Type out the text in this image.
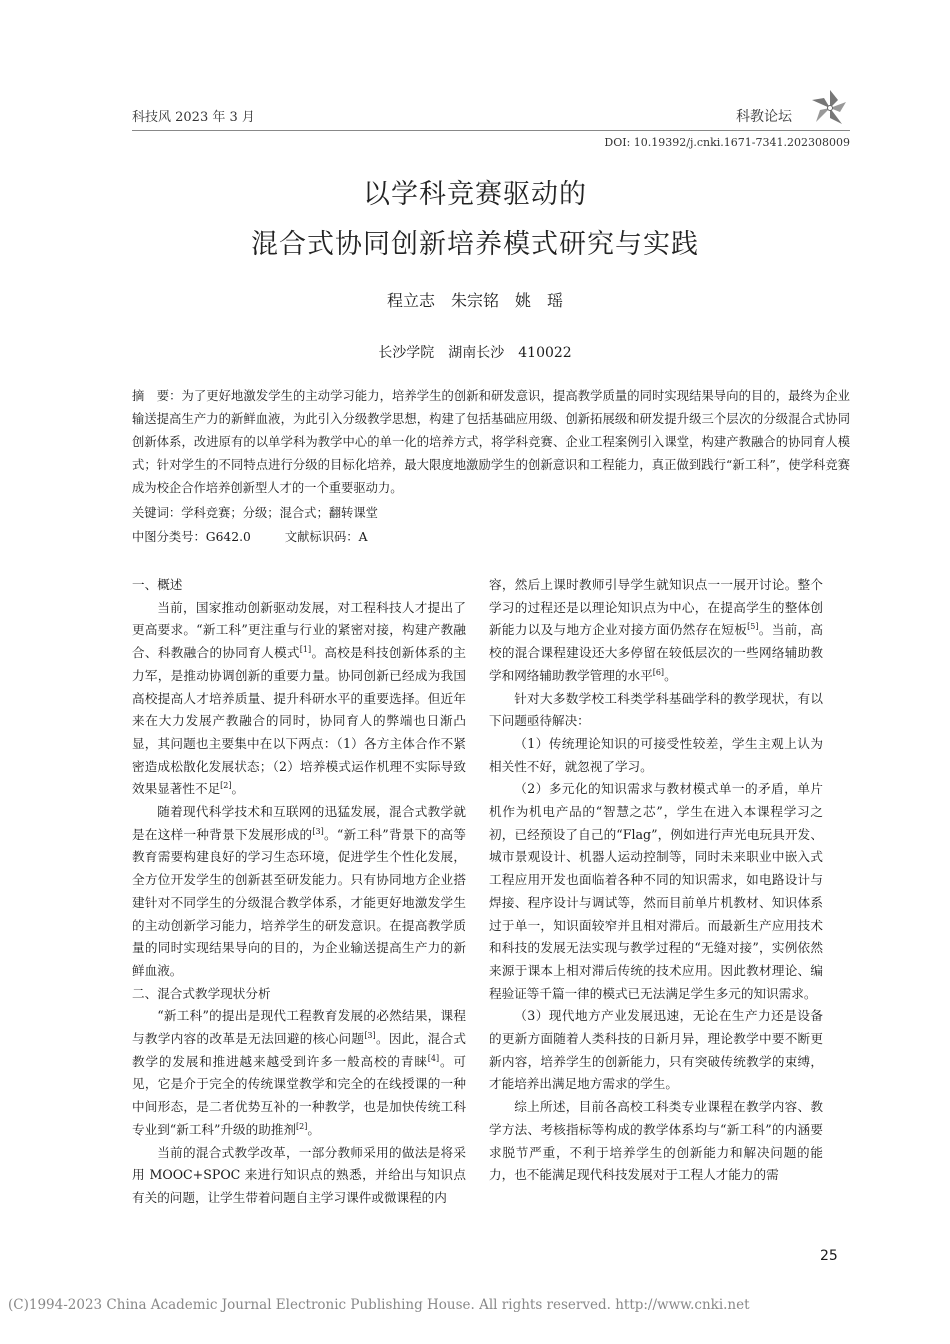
科技风 2023 年 3 月	科教论坛
DOI: 10.19392/j.cnki.1671-7341.202308009
以学科竞赛驱动的
混合式协同创新培养模式研究与实践
程立志　朱宗铭　姚　瑶
长沙学院　湖南长沙　410022
摘　要：为了更好地激发学生的主动学习能力，培养学生的创新和研发意识，提高教学质量的同时实现结果导向的目的，最终为企业输送提高生产力的新鲜血液，为此引入分级教学思想，构建了包括基础应用级、创新拓展级和研发提升级三个层次的分级混合式协同创新体系，改进原有的以单学科为教学中心的单一化的培养方式，将学科竞赛、企业工程案例引入课堂，构建产教融合的协同育人模式；针对学生的不同特点进行分级的目标化培养，最大限度地激励学生的创新意识和工程能力，真正做到践行“新工科”，使学科竞赛成为校企合作培养创新型人才的一个重要驱动力。
关键词：学科竞赛；分级；混合式；翻转课堂
中图分类号：G642.0	文献标识码：A
一、概述

当前，国家推动创新驱动发展，对工程科技人才提出了更高要求。“新工科”更注重与行业的紧密对接，构建产教融合、科教融合的协同育人模式[1]。高校是科技创新体系的主力军，是推动协调创新的重要力量。协同创新已经成为我国高校提高人才培养质量、提升科研水平的重要选择。但近年来在大力发展产教融合的同时，协同育人的弊端也日渐凸显，其问题也主要集中在以下两点：（1）各方主体合作不紧密造成松散化发展状态；（2）培养模式运作机理不实际导致效果显著性不足[2]。

随着现代科学技术和互联网的迅猛发展，混合式教学就是在这样一种背景下发展形成的[3]。“新工科”背景下的高等教育需要构建良好的学习生态环境，促进学生个性化发展，全方位开发学生的创新甚至研发能力。只有协同地方企业搭建针对不同学生的分级混合教学体系，才能更好地激发学生的主动创新学习能力，培养学生的研发意识。在提高教学质量的同时实现结果导向的目的，为企业输送提高生产力的新鲜血液。

二、混合式教学现状分析

“新工科”的提出是现代工程教育发展的必然结果，课程与教学内容的改革是无法回避的核心问题[3]。因此，混合式教学的发展和推进越来越受到许多一般高校的青睐[4]。可见，它是介于完全的传统课堂教学和完全的在线授课的一种中间形态，是二者优势互补的一种教学，也是加快传统工科专业到“新工科”升级的助推剂[2]。

当前的混合式教学改革，一部分教师采用的做法是将采用 MOOC+SPOC 来进行知识点的熟悉，并给出与知识点有关的问题，让学生带着问题自主学习课件或微课程的内

容，然后上课时教师引导学生就知识点一一展开讨论。整个学习的过程还是以理论知识点为中心，在提高学生的整体创新能力以及与地方企业对接方面仍然存在短板[5]。当前，高校的混合课程建设还大多停留在较低层次的一些网络辅助教学和网络辅助教学管理的水平[6]。

针对大多数学校工科类学科基础学科的教学现状，有以下问题亟待解决：

（1）传统理论知识的可接受性较差，学生主观上认为相关性不好，就忽视了学习。

（2）多元化的知识需求与教材模式单一的矛盾，单片机作为机电产品的“智慧之芯”，学生在进入本课程学习之初，已经预设了自己的“Flag”，例如进行声光电玩具开发、城市景观设计、机器人运动控制等，同时未来职业中嵌入式工程应用开发也面临着各种不同的知识需求，如电路设计与焊接、程序设计与调试等，然而目前单片机教材、知识体系过于单一，知识面较窄并且相对滞后。而最新生产应用技术和科技的发展无法实现与教学过程的“无缝对接”，实例依然来源于课本上相对滞后传统的技术应用。因此教材理论、编程验证等千篇一律的模式已无法满足学生多元的知识需求。

（3）现代地方产业发展迅速，无论在生产力还是设备的更新方面随着人类科技的日新月异，理论教学中要不断更新内容，培养学生的创新能力，只有突破传统教学的束缚，才能培养出满足地方需求的学生。

综上所述，目前各高校工科类专业课程在教学内容、教学方法、考核指标等构成的教学体系均与“新工科”的内涵要求脱节严重，不利于培养学生的创新能力和解决问题的能力，也不能满足现代科技发展对于工程人才能力的需

25
(C)1994-2023 China Academic Journal Electronic Publishing House. All rights reserved. http://www.cnki.net
